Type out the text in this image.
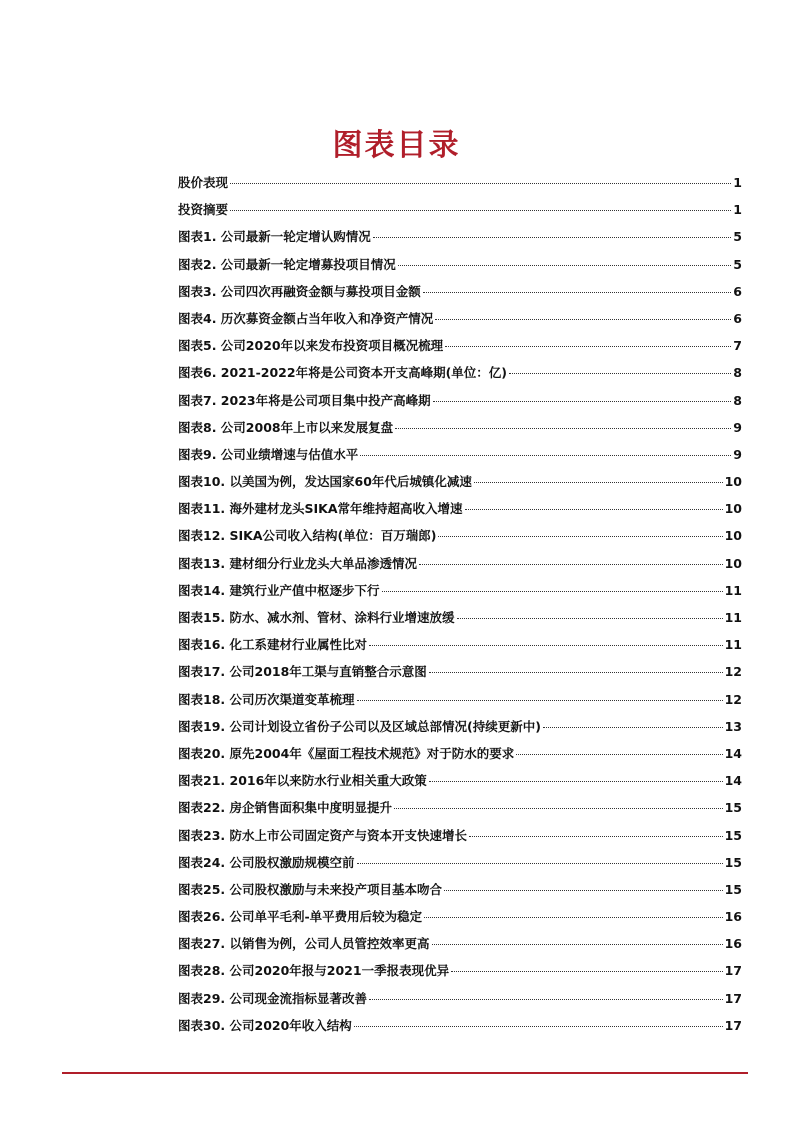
图表目录
股价表现	1
投资摘要	1
图表1. 公司最新一轮定增认购情况	5
图表2. 公司最新一轮定增募投项目情况	5
图表3. 公司四次再融资金额与募投项目金额	6
图表4. 历次募资金额占当年收入和净资产情况	6
图表5. 公司2020年以来发布投资项目概况梳理	7
图表6. 2021-2022年将是公司资本开支高峰期(单位：亿)	8
图表7. 2023年将是公司项目集中投产高峰期	8
图表8. 公司2008年上市以来发展复盘	9
图表9. 公司业绩增速与估值水平	9
图表10. 以美国为例，发达国家60年代后城镇化减速	10
图表11. 海外建材龙头SIKA常年维持超高收入增速	10
图表12. SIKA公司收入结构(单位：百万瑞郎)	10
图表13. 建材细分行业龙头大单品渗透情况	10
图表14. 建筑行业产值中枢逐步下行	11
图表15. 防水、减水剂、管材、涂料行业增速放缓	11
图表16. 化工系建材行业属性比对	11
图表17. 公司2018年工渠与直销整合示意图	12
图表18. 公司历次渠道变革梳理	12
图表19. 公司计划设立省份子公司以及区域总部情况(持续更新中)	13
图表20. 原先2004年《屋面工程技术规范》对于防水的要求	14
图表21. 2016年以来防水行业相关重大政策	14
图表22. 房企销售面积集中度明显提升	15
图表23. 防水上市公司固定资产与资本开支快速增长	15
图表24. 公司股权激励规模空前	15
图表25. 公司股权激励与未来投产项目基本吻合	15
图表26. 公司单平毛利-单平费用后较为稳定	16
图表27. 以销售为例，公司人员管控效率更高	16
图表28. 公司2020年报与2021一季报表现优异	17
图表29. 公司现金流指标显著改善	17
图表30. 公司2020年收入结构	17
